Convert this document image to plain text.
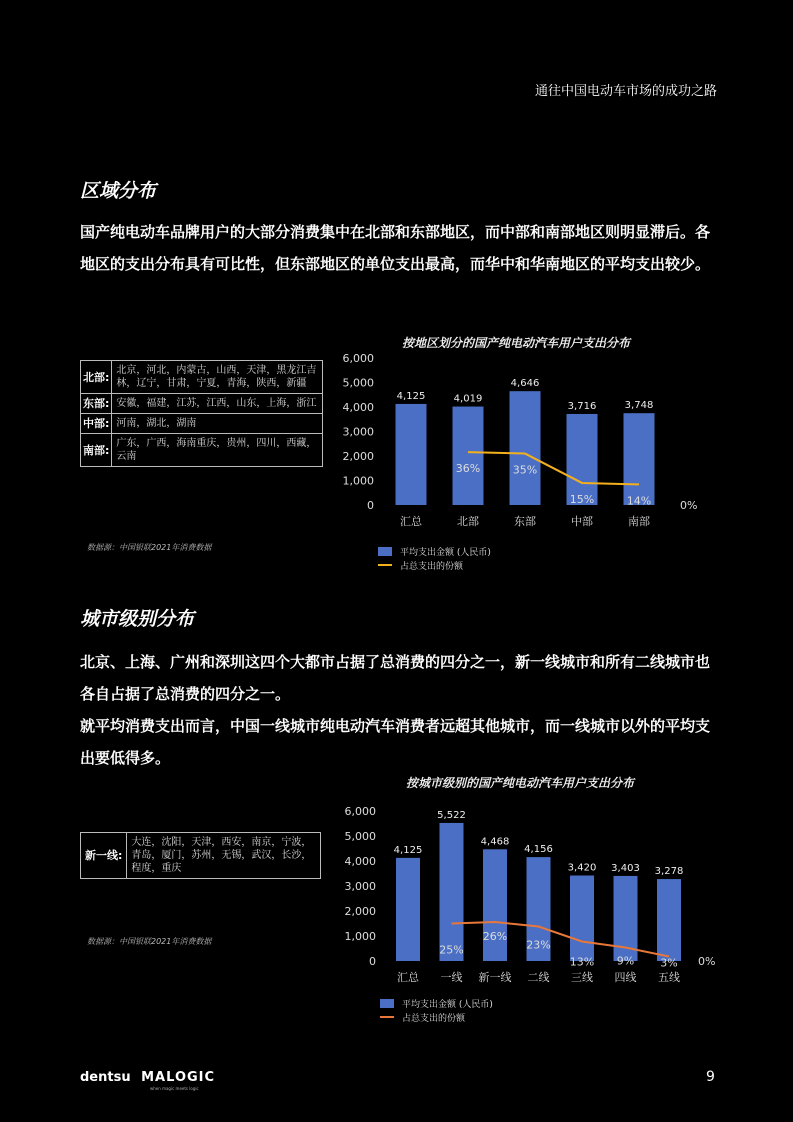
通往中国电动车市场的成功之路
区域分布

国产纯电动车品牌用户的大部分消费集中在北部和东部地区，而中部和南部地区则明显滞后。各地区的支出分布具有可比性，但东部地区的单位支出最高，而华中和华南地区的平均支出较少。

北部:	北京，河北，内蒙古，山西，天津，黑龙江吉林，辽宁，甘肃，宁夏，青海，陕西，新疆
东部:	安徽，福建，江苏，江西，山东，上海，浙江
中部:	河南，湖北，湖南
南部:	广东，广西，海南重庆，贵州，四川，西藏，云南
数据源：中国银联2021年消费数据
按地区划分的国产纯电动汽车用户支出分布
0
1,000
2,000
3,000
4,000
5,000
6,000
0%
4,125
汇总
4,019
北部
4,646
东部
3,716
中部
3,748
南部
36%	35%
15%	14%
平均支出金额 (人民币)
占总支出的份额
城市级别分布

北京、上海、广州和深圳这四个大都市占据了总消费的四分之一，新一线城市和所有二线城市也各自占据了总消费的四分之一。

就平均消费支出而言，中国一线城市纯电动汽车消费者远超其他城市，而一线城市以外的平均支出要低得多。

新一线:	大连，沈阳，天津，西安，南京，宁波，青岛，厦门，苏州，无锡，武汉，长沙，程度，重庆
数据源：中国银联2021年消费数据
按城市级别的国产纯电动汽车用户支出分布
0
1,000
2,000
3,000
4,000
5,000
6,000
0%
4,125
汇总
5,522
一线
4,468
新一线
4,156
二线
3,420
三线
3,403
四线
3,278
五线
25%
26%
23%
13% 9% 3%
平均支出金额 (人民币)
占总支出的份额
dentsu MALOGIC
when magic meets logic
9
